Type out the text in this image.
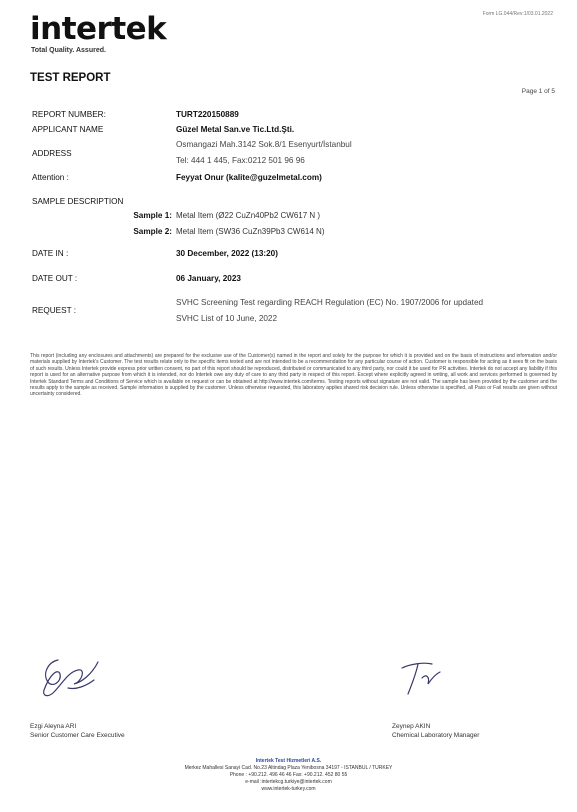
intertek
Total Quality. Assured.
Form LG.044/Rev:1/03.01.2022
TEST REPORT
Page 1 of 5
REPORT NUMBER:	TURT220150889
APPLICANT NAME	Güzel Metal San.ve Tic.Ltd.Şti.
ADDRESS
Osmangazi Mah.3142 Sok.8/1 Esenyurt/İstanbul
Tel: 444 1 445, Fax:0212 501 96 96
Attention :	Feyyat Onur (kalite@guzelmetal.com)
SAMPLE DESCRIPTION
Sample 1: Metal Item (Ø22 CuZn40Pb2 CW617 N )
Sample 2: Metal Item (SW36 CuZn39Pb3 CW614 N)
DATE IN :	30 December, 2022 (13:20)
DATE OUT :	06 January, 2023
REQUEST :
SVHC Screening Test regarding REACH Regulation (EC) No. 1907/2006 for updated
SVHC List of 10 June, 2022

This report (including any enclosures and attachments) are prepared for the exclusive use of the Customer(s) named in the report and solely for the purpose for which it is provided and on the basis of instructions and information and/or materials supplied by Intertek's Customer. The test results relate only to the specific items tested and are not intended to be a recommendation for any particular course of action. Customer is responsible for acting as it sees fit on the basis of such results. Unless Intertek provide express prior written consent, no part of this report should be reproduced, distributed or communicated to any third party, nor could it be used for PR activities. Intertek do not accept any liability if this report is used for an alternative purpose from which it is intended, nor do Intertek owe any duty of care to any third party in respect of this report. Except where explicitly agreed in writing, all work and services performed is governed by Intertek Standard Terms and Conditions of Service which is available on request or can be obtained at http://www.intertek.com/terms. Testing reports without signature are not valid. The sample has been provided by the customer and the results apply to the sample as received. Sample information is supplied by the customer. Unless otherwise requested, this laboratory applies shared risk decision rule. Unless otherwise is specified, all Pass or Fail results are given without uncertainty considered.

Ezgi Aleyna ARI
Senior Customer Care Executive
Zeynep AKIN
Chemical Laboratory Manager
Intertek Test Hizmetleri A.S.
Merkez Mahallesi Sanayi Cad. No.23 Altindag Plaza Yenibosna 34197 - ISTANBUL / TURKEY
Phone : +90.212. 496 46 46 Fax: +90.212. 452 80 55
e-mail :intertekcg.turkiye@intertek.com
www.intertek-turkey.com
